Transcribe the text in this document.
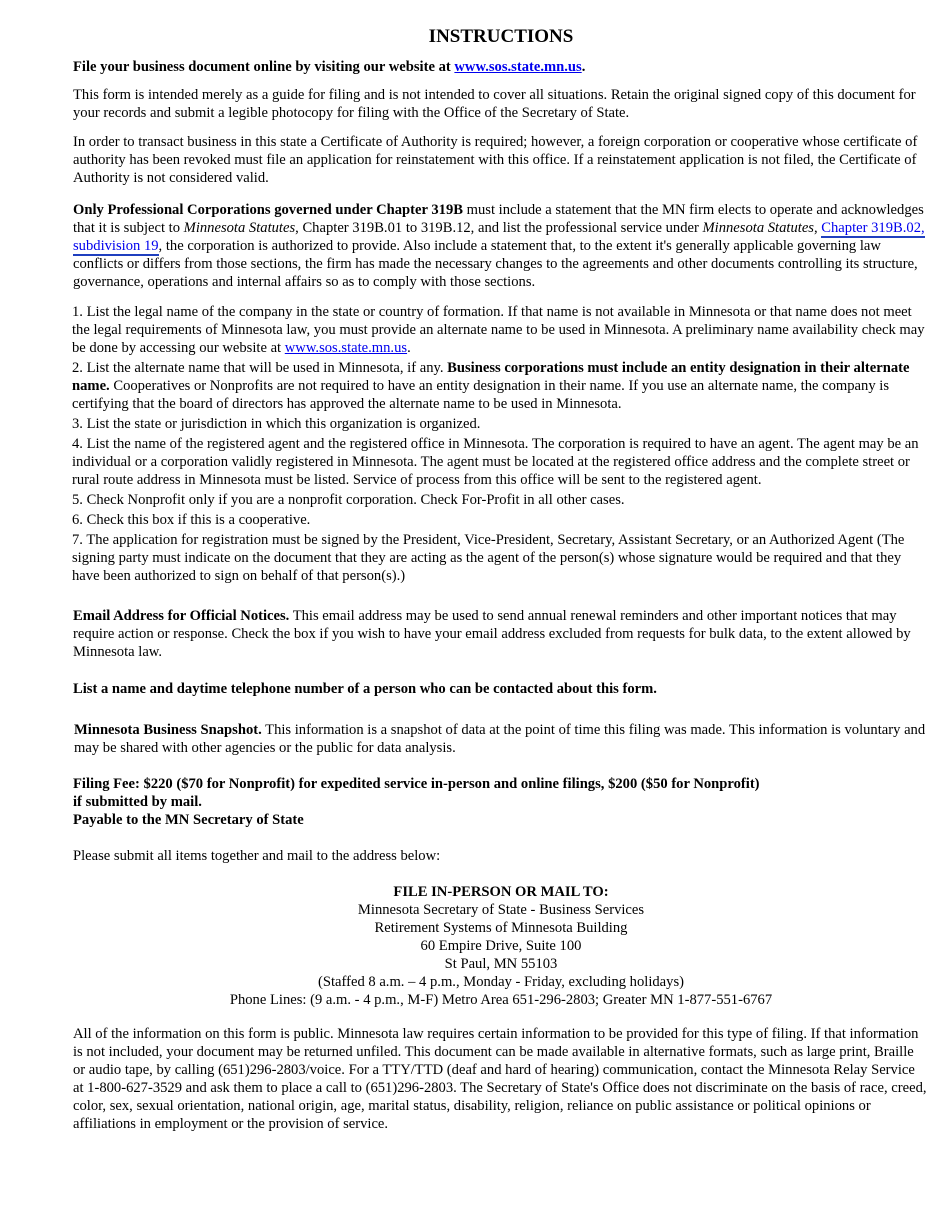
INSTRUCTIONS

File your business document online by visiting our website at www.sos.state.mn.us.

This form is intended merely as a guide for filing and is not intended to cover all situations. Retain the original signed copy of this document for your records and submit a legible photocopy for filing with the Office of the Secretary of State.

In order to transact business in this state a Certificate of Authority is required; however, a foreign corporation or cooperative whose certificate of authority has been revoked must file an application for reinstatement with this office. If a reinstatement application is not filed, the Certificate of Authority is not considered valid.

Only Professional Corporations governed under Chapter 319B must include a statement that the MN firm elects to operate and acknowledges that it is subject to Minnesota Statutes, Chapter 319B.01 to 319B.12, and list the professional service under Minnesota Statutes, Chapter 319B.02, subdivision 19, the corporation is authorized to provide. Also include a statement that, to the extent it's generally applicable governing law conflicts or differs from those sections, the firm has made the necessary changes to the agreements and other documents controlling its structure, governance, operations and internal affairs so as to comply with those sections.

1. List the legal name of the company in the state or country of formation. If that name is not available in Minnesota or that name does not meet the legal requirements of Minnesota law, you must provide an alternate name to be used in Minnesota. A preliminary name availability check may be done by accessing our website at www.sos.state.mn.us.

2. List the alternate name that will be used in Minnesota, if any. Business corporations must include an entity designation in their alternate name. Cooperatives or Nonprofits are not required to have an entity designation in their name. If you use an alternate name, the company is certifying that the board of directors has approved the alternate name to be used in Minnesota.

3. List the state or jurisdiction in which this organization is organized.

4. List the name of the registered agent and the registered office in Minnesota. The corporation is required to have an agent. The agent may be an individual or a corporation validly registered in Minnesota. The agent must be located at the registered office address and the complete street or rural route address in Minnesota must be listed. Service of process from this office will be sent to the registered agent.

5. Check Nonprofit only if you are a nonprofit corporation. Check For-Profit in all other cases.

6. Check this box if this is a cooperative.

7. The application for registration must be signed by the President, Vice-President, Secretary, Assistant Secretary, or an Authorized Agent (The signing party must indicate on the document that they are acting as the agent of the person(s) whose signature would be required and that they have been authorized to sign on behalf of that person(s).)

Email Address for Official Notices. This email address may be used to send annual renewal reminders and other important notices that may require action or response. Check the box if you wish to have your email address excluded from requests for bulk data, to the extent allowed by Minnesota law.

List a name and daytime telephone number of a person who can be contacted about this form.

Minnesota Business Snapshot. This information is a snapshot of data at the point of time this filing was made. This information is voluntary and may be shared with other agencies or the public for data analysis.

Filing Fee: $220 ($70 for Nonprofit) for expedited service in-person and online filings, $200 ($50 for Nonprofit)
if submitted by mail.
Payable to the MN Secretary of State

Please submit all items together and mail to the address below:

FILE IN-PERSON OR MAIL TO:
Minnesota Secretary of State - Business Services
Retirement Systems of Minnesota Building
60 Empire Drive, Suite 100
St Paul, MN 55103
(Staffed 8 a.m. – 4 p.m., Monday - Friday, excluding holidays)
Phone Lines: (9 a.m. - 4 p.m., M-F) Metro Area 651-296-2803; Greater MN 1-877-551-6767

All of the information on this form is public. Minnesota law requires certain information to be provided for this type of filing. If that information is not included, your document may be returned unfiled. This document can be made available in alternative formats, such as large print, Braille or audio tape, by calling (651)296-2803/voice. For a TTY/TTD (deaf and hard of hearing) communication, contact the Minnesota Relay Service at 1-800-627-3529 and ask them to place a call to (651)296-2803. The Secretary of State's Office does not discriminate on the basis of race, creed, color, sex, sexual orientation, national origin, age, marital status, disability, religion, reliance on public assistance or political opinions or affiliations in employment or the provision of service.
